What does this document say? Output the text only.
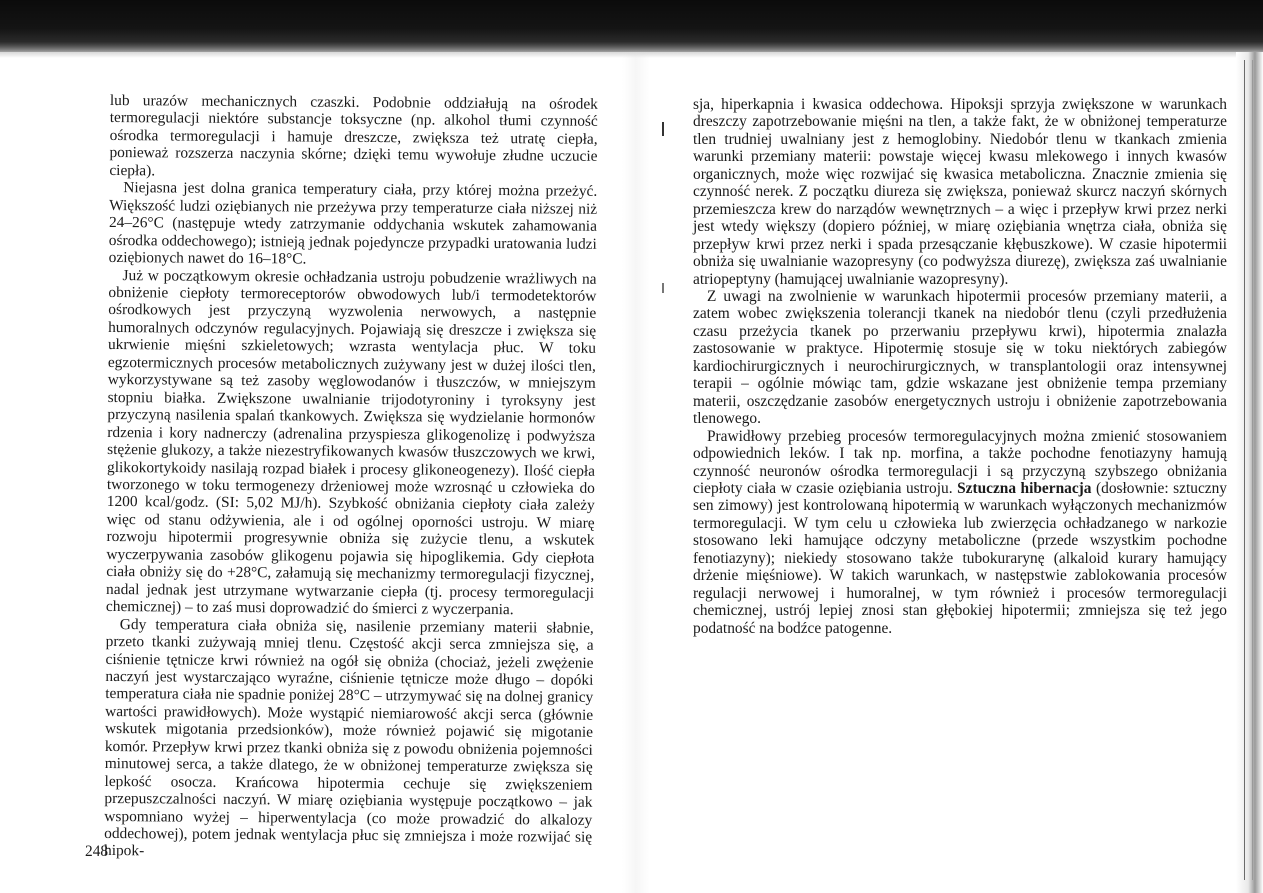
lub urazów mechanicznych czaszki. Podobnie oddziałują na ośrodek termoregulacji niektóre substancje toksyczne (np. alkohol tłumi czynność ośrodka termoregulacji i hamuje dreszcze, zwiększa też utratę ciepła, ponieważ rozszerza naczynia skórne; dzięki temu wywołuje złudne uczucie ciepła).

Niejasna jest dolna granica temperatury ciała, przy której można przeżyć. Większość ludzi oziębianych nie przeżywa przy temperaturze ciała niższej niż 24–26°C (następuje wtedy zatrzymanie oddychania wskutek zahamowania ośrodka oddechowego); istnieją jednak pojedyncze przypadki uratowania ludzi oziębionych nawet do 16–18°C.

Już w początkowym okresie ochładzania ustroju pobudzenie wrażliwych na obniżenie ciepłoty termoreceptorów obwodowych lub/i termodetektorów ośrodkowych jest przyczyną wyzwolenia nerwowych, a następnie humoralnych odczynów regulacyjnych. Pojawiają się dreszcze i zwiększa się ukrwienie mięśni szkieletowych; wzrasta wentylacja płuc. W toku egzotermicznych procesów metabolicznych zużywany jest w dużej ilości tlen, wykorzystywane są też zasoby węglowodanów i tłuszczów, w mniejszym stopniu białka. Zwiększone uwalnianie trijodotyroniny i tyroksyny jest przyczyną nasilenia spalań tkankowych. Zwiększa się wydzielanie hormonów rdzenia i kory nadnerczy (adrenalina przyspiesza glikogenolizę i podwyższa stężenie glukozy, a także niezestryfikowanych kwasów tłuszczowych we krwi, glikokortykoidy nasilają rozpad białek i procesy glikoneogenezy). Ilość ciepła tworzonego w toku termogenezy drżeniowej może wzrosnąć u człowieka do 1200 kcal/godz. (SI: 5,02 MJ/h). Szybkość obniżania ciepłoty ciała zależy więc od stanu odżywienia, ale i od ogólnej oporności ustroju. W miarę rozwoju hipotermii progresywnie obniża się zużycie tlenu, a wskutek wyczerpywania zasobów glikogenu pojawia się hipoglikemia. Gdy ciepłota ciała obniży się do +28°C, załamują się mechanizmy termoregulacji fizycznej, nadal jednak jest utrzymane wytwarzanie ciepła (tj. procesy termoregulacji chemicznej) – to zaś musi doprowadzić do śmierci z wyczerpania.

Gdy temperatura ciała obniża się, nasilenie przemiany materii słabnie, przeto tkanki zużywają mniej tlenu. Częstość akcji serca zmniejsza się, a ciśnienie tętnicze krwi również na ogół się obniża (chociaż, jeżeli zwężenie naczyń jest wystarczająco wyraźne, ciśnienie tętnicze może długo – dopóki temperatura ciała nie spadnie poniżej 28°C – utrzymywać się na dolnej granicy wartości prawidłowych). Może wystąpić niemiarowość akcji serca (głównie wskutek migotania przedsionków), może również pojawić się migotanie komór. Przepływ krwi przez tkanki obniża się z powodu obniżenia pojemności minutowej serca, a także dlatego, że w obniżonej temperaturze zwiększa się lepkość osocza. Krańcowa hipotermia cechuje się zwiększeniem przepuszczalności naczyń. W miarę oziębiania występuje początkowo – jak wspomniano wyżej – hiperwentylacja (co może prowadzić do alkalozy oddechowej), potem jednak wentylacja płuc się zmniejsza i może rozwijać się hipok-

248

sja, hiperkapnia i kwasica oddechowa. Hipoksji sprzyja zwiększone w warunkach dreszczy zapotrzebowanie mięśni na tlen, a także fakt, że w obniżonej temperaturze tlen trudniej uwalniany jest z hemoglobiny. Niedobór tlenu w tkankach zmienia warunki przemiany materii: powstaje więcej kwasu mlekowego i innych kwasów organicznych, może więc rozwijać się kwasica metaboliczna. Znacznie zmienia się czynność nerek. Z początku diureza się zwiększa, ponieważ skurcz naczyń skórnych przemieszcza krew do narządów wewnętrznych – a więc i przepływ krwi przez nerki jest wtedy większy (dopiero później, w miarę oziębiania wnętrza ciała, obniża się przepływ krwi przez nerki i spada przesączanie kłębuszkowe). W czasie hipotermii obniża się uwalnianie wazopresyny (co podwyższa diurezę), zwiększa zaś uwalnianie atriopeptyny (hamującej uwalnianie wazopresyny).

Z uwagi na zwolnienie w warunkach hipotermii procesów przemiany materii, a zatem wobec zwiększenia tolerancji tkanek na niedobór tlenu (czyli przedłużenia czasu przeżycia tkanek po przerwaniu przepływu krwi), hipotermia znalazła zastosowanie w praktyce. Hipotermię stosuje się w toku niektórych zabiegów kardiochirurgicznych i neurochirurgicznych, w transplantologii oraz intensywnej terapii – ogólnie mówiąc tam, gdzie wskazane jest obniżenie tempa przemiany materii, oszczędzanie zasobów energetycznych ustroju i obniżenie zapotrzebowania tlenowego.

Prawidłowy przebieg procesów termoregulacyjnych można zmienić stosowaniem odpowiednich leków. I tak np. morfina, a także pochodne fenotiazyny hamują czynność neuronów ośrodka termoregulacji i są przyczyną szybszego obniżania ciepłoty ciała w czasie oziębiania ustroju. Sztuczna hibernacja (dosłownie: sztuczny sen zimowy) jest kontrolowaną hipotermią w warunkach wyłączonych mechanizmów termoregulacji. W tym celu u człowieka lub zwierzęcia ochładzanego w narkozie stosowano leki hamujące odczyny metaboliczne (przede wszystkim pochodne fenotiazyny); niekiedy stosowano także tubokurarynę (alkaloid kurary hamujący drżenie mięśniowe). W takich warunkach, w następstwie zablokowania procesów regulacji nerwowej i humoralnej, w tym również i procesów termoregulacji chemicznej, ustrój lepiej znosi stan głębokiej hipotermii; zmniejsza się też jego podatność na bodźce patogenne.
